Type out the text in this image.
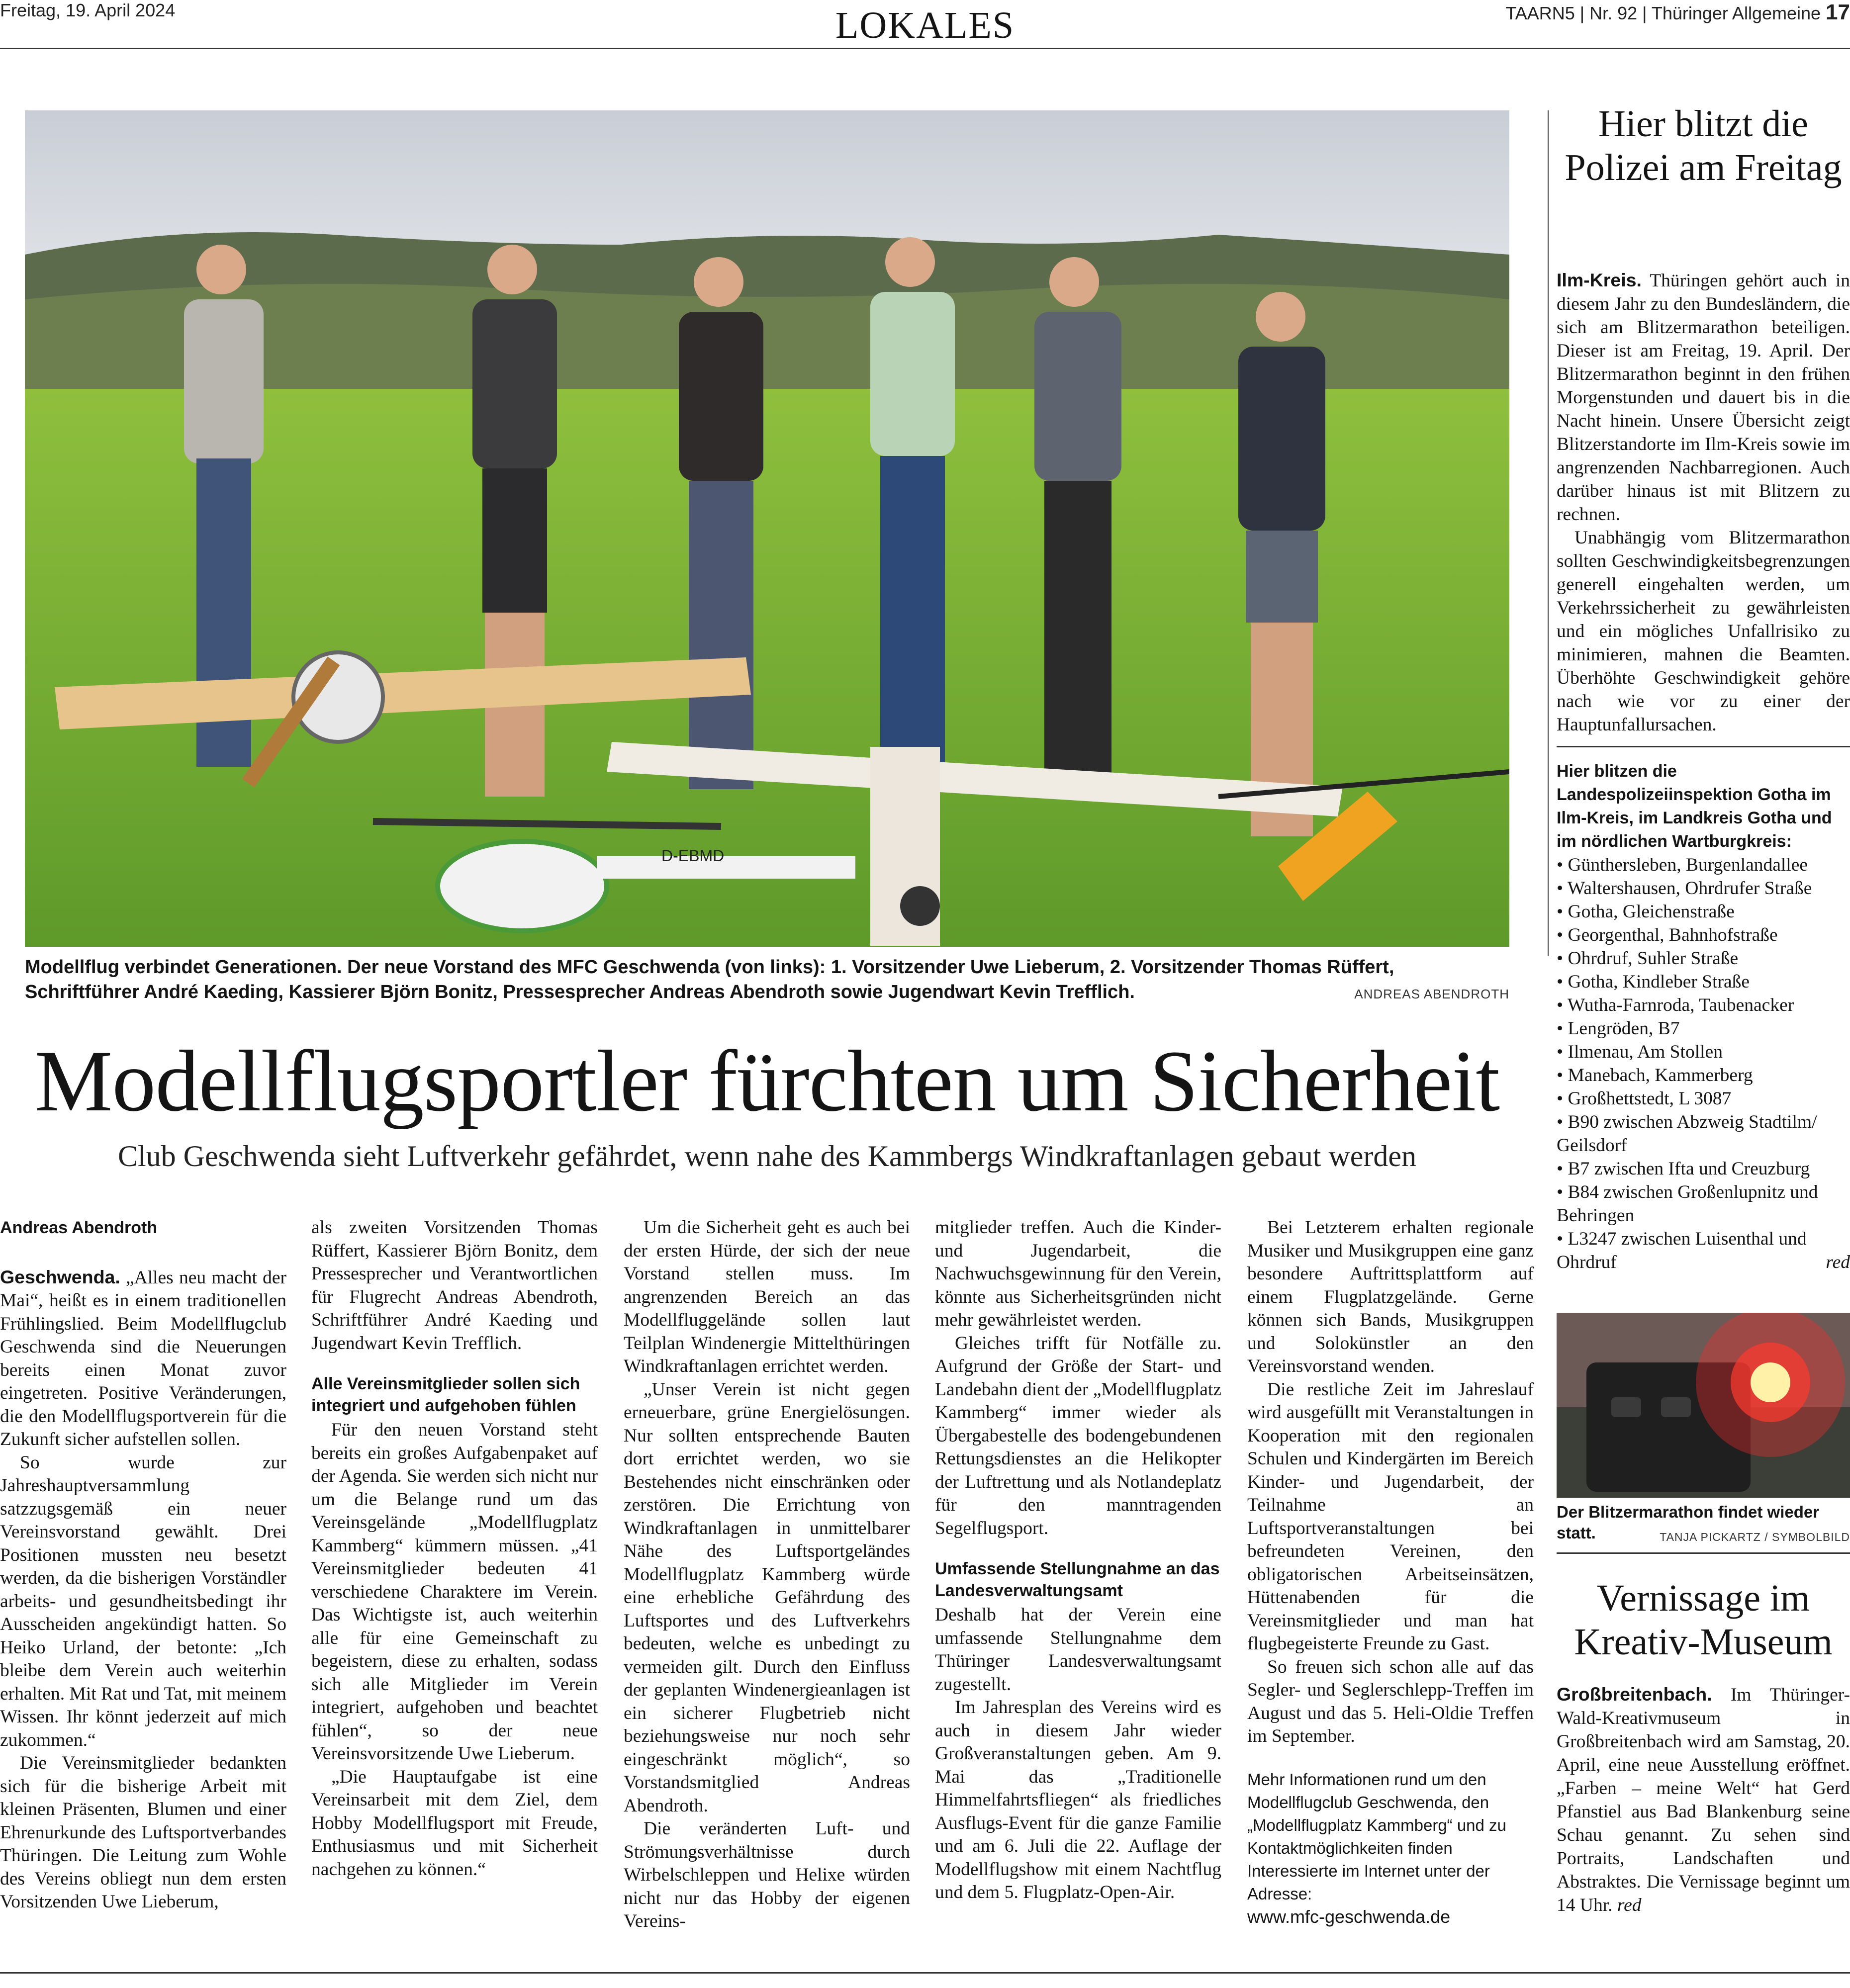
Freitag, 19. April 2024	LOKALES	TAARN5 | Nr. 92 | Thüringer Allgemeine 17
D-EBMD
Modellflug verbindet Generationen. Der neue Vorstand des MFC Geschwenda (von links): 1. Vorsitzender Uwe Lieberum, 2. Vorsitzender Thomas Rüffert, Schriftführer André Kaeding, Kassierer Björn Bonitz, Pressesprecher Andreas Abendroth sowie Jugendwart Kevin Trefflich.	ANDREAS ABENDROTH
Modellflugsportler fürchten um Sicherheit
Club Geschwenda sieht Luftverkehr gefährdet, wenn nahe des Kammbergs Windkraftanlagen gebaut werden
Andreas Abendroth

Geschwenda. „Alles neu macht der Mai“, heißt es in einem traditionellen Frühlingslied. Beim Modellflugclub Geschwenda sind die Neuerungen bereits einen Monat zuvor eingetreten. Positive Veränderungen, die den Modellflugsportverein für die Zukunft sicher aufstellen sollen.

So wurde zur Jahreshauptversammlung satzzugsgemäß ein neuer Vereinsvorstand gewählt. Drei Positionen mussten neu besetzt werden, da die bisherigen Vorständler arbeits- und gesundheitsbedingt ihr Ausscheiden angekündigt hatten. So Heiko Urland, der betonte: „Ich bleibe dem Verein auch weiterhin erhalten. Mit Rat und Tat, mit meinem Wissen. Ihr könnt jederzeit auf mich zukommen.“

Die Vereinsmitglieder bedankten sich für die bisherige Arbeit mit kleinen Präsenten, Blumen und einer Ehrenurkunde des Luftsportverbandes Thüringen. Die Leitung zum Wohle des Vereins obliegt nun dem ersten Vorsitzenden Uwe Lieberum,

als zweiten Vorsitzenden Thomas Rüffert, Kassierer Björn Bonitz, dem Pressesprecher und Verantwortlichen für Flugrecht Andreas Abendroth, Schriftführer André Kaeding und Jugendwart Kevin Trefflich.

Alle Vereinsmitglieder sollen sich integriert und aufgehoben fühlen

Für den neuen Vorstand steht bereits ein großes Aufgabenpaket auf der Agenda. Sie werden sich nicht nur um die Belange rund um das Vereinsgelände „Modellflugplatz Kammberg“ kümmern müssen. „41 Vereinsmitglieder bedeuten 41 verschiedene Charaktere im Verein. Das Wichtigste ist, auch weiterhin alle für eine Gemeinschaft zu begeistern, diese zu erhalten, sodass sich alle Mitglieder im Verein integriert, aufgehoben und beachtet fühlen“, so der neue Vereinsvorsitzende Uwe Lieberum.

„Die Hauptaufgabe ist eine Vereinsarbeit mit dem Ziel, dem Hobby Modellflugsport mit Freude, Enthusiasmus und mit Sicherheit nachgehen zu können.“

Um die Sicherheit geht es auch bei der ersten Hürde, der sich der neue Vorstand stellen muss. Im angrenzenden Bereich an das Modellfluggelände sollen laut Teilplan Windenergie Mittelthüringen Windkraftanlagen errichtet werden.

„Unser Verein ist nicht gegen erneuerbare, grüne Energielösungen. Nur sollten entsprechende Bauten dort errichtet werden, wo sie Bestehendes nicht einschränken oder zerstören. Die Errichtung von Windkraftanlagen in unmittelbarer Nähe des Luftsportgeländes Modellflugplatz Kammberg würde eine erhebliche Gefährdung des Luftsportes und des Luftverkehrs bedeuten, welche es unbedingt zu vermeiden gilt. Durch den Einfluss der geplanten Windenergieanlagen ist ein sicherer Flugbetrieb nicht beziehungsweise nur noch sehr eingeschränkt möglich“, so Vorstandsmitglied Andreas Abendroth.

Die veränderten Luft- und Strömungsverhältnisse durch Wirbelschleppen und Helixe würden nicht nur das Hobby der eigenen Vereins-

mitglieder treffen. Auch die Kinder- und Jugendarbeit, die Nachwuchsgewinnung für den Verein, könnte aus Sicherheitsgründen nicht mehr gewährleistet werden.

Gleiches trifft für Notfälle zu. Aufgrund der Größe der Start- und Landebahn dient der „Modellflugplatz Kammberg“ immer wieder als Übergabestelle des bodengebundenen Rettungsdienstes an die Helikopter der Luftrettung und als Notlandeplatz für den manntragenden Segelflugsport.

Umfassende Stellungnahme an das Landesverwaltungsamt

Deshalb hat der Verein eine umfassende Stellungnahme dem Thüringer Landesverwaltungsamt zugestellt.

Im Jahresplan des Vereins wird es auch in diesem Jahr wieder Großveranstaltungen geben. Am 9. Mai das „Traditionelle Himmelfahrtsfliegen“ als friedliches Ausflugs-Event für die ganze Familie und am 6. Juli die 22. Auflage der Modellflugshow mit einem Nachtflug und dem 5. Flugplatz-Open-Air.

Bei Letzterem erhalten regionale Musiker und Musikgruppen eine ganz besondere Auftrittsplattform auf einem Flugplatzgelände. Gerne können sich Bands, Musikgruppen und Solokünstler an den Vereinsvorstand wenden.

Die restliche Zeit im Jahreslauf wird ausgefüllt mit Veranstaltungen in Kooperation mit den regionalen Schulen und Kindergärten im Bereich Kinder- und Jugendarbeit, der Teilnahme an Luftsportveranstaltungen bei befreundeten Vereinen, den obligatorischen Arbeitseinsätzen, Hüttenabenden für die Vereinsmitglieder und man hat flugbegeisterte Freunde zu Gast.

So freuen sich schon alle auf das Segler- und Seglerschlepp-Treffen im August und das 5. Heli-Oldie Treffen im September.

Mehr Informationen rund um den Modellflugclub Geschwenda, den „Modellflugplatz Kammberg“ und zu Kontaktmöglichkeiten finden Interessierte im Internet unter der Adresse:
www.mfc-geschwenda.de
Hier blitzt die Polizei am Freitag

Ilm-Kreis. Thüringen gehört auch in diesem Jahr zu den Bundesländern, die sich am Blitzermarathon beteiligen. Dieser ist am Freitag, 19. April. Der Blitzermarathon beginnt in den frühen Morgenstunden und dauert bis in die Nacht hinein. Unsere Übersicht zeigt Blitzerstandorte im Ilm-Kreis sowie im angrenzenden Nachbarregionen. Auch darüber hinaus ist mit Blitzern zu rechnen.

Unabhängig vom Blitzermarathon sollten Geschwindigkeitsbegrenzungen generell eingehalten werden, um Verkehrssicherheit zu gewährleisten und ein mögliches Unfallrisiko zu minimieren, mahnen die Beamten. Überhöhte Geschwindigkeit gehöre nach wie vor zu einer der Hauptunfallursachen.

Hier blitzen die Landespolizeiinspektion Gotha im Ilm-Kreis, im Landkreis Gotha und im nördlichen Wartburgkreis:
• Günthersleben, Burgenlandallee
• Waltershausen, Ohrdrufer Straße
• Gotha, Gleichenstraße
• Georgenthal, Bahnhofstraße
• Ohrdruf, Suhler Straße
• Gotha, Kindleber Straße
• Wutha-Farnroda, Taubenacker
• Lengröden, B7
• Ilmenau, Am Stollen
• Manebach, Kammerberg
• Großhettstedt, L 3087
• B90 zwischen Abzweig Stadtilm/ Geilsdorf
• B7 zwischen Ifta und Creuzburg
• B84 zwischen Großenlupnitz und Behringen
• L3247 zwischen Luisenthal und Ohrdruf	red
Der Blitzermarathon findet wieder statt.	TANJA PICKARTZ / SYMBOLBILD
Vernissage im Kreativ-Museum

Großbreitenbach. Im Thüringer-Wald-Kreativmuseum in Großbreitenbach wird am Samstag, 20. April, eine neue Ausstellung eröffnet. „Farben – meine Welt“ hat Gerd Pfanstiel aus Bad Blankenburg seine Schau genannt. Zu sehen sind Portraits, Landschaften und Abstraktes. Die Vernissage beginnt um 14 Uhr. red
